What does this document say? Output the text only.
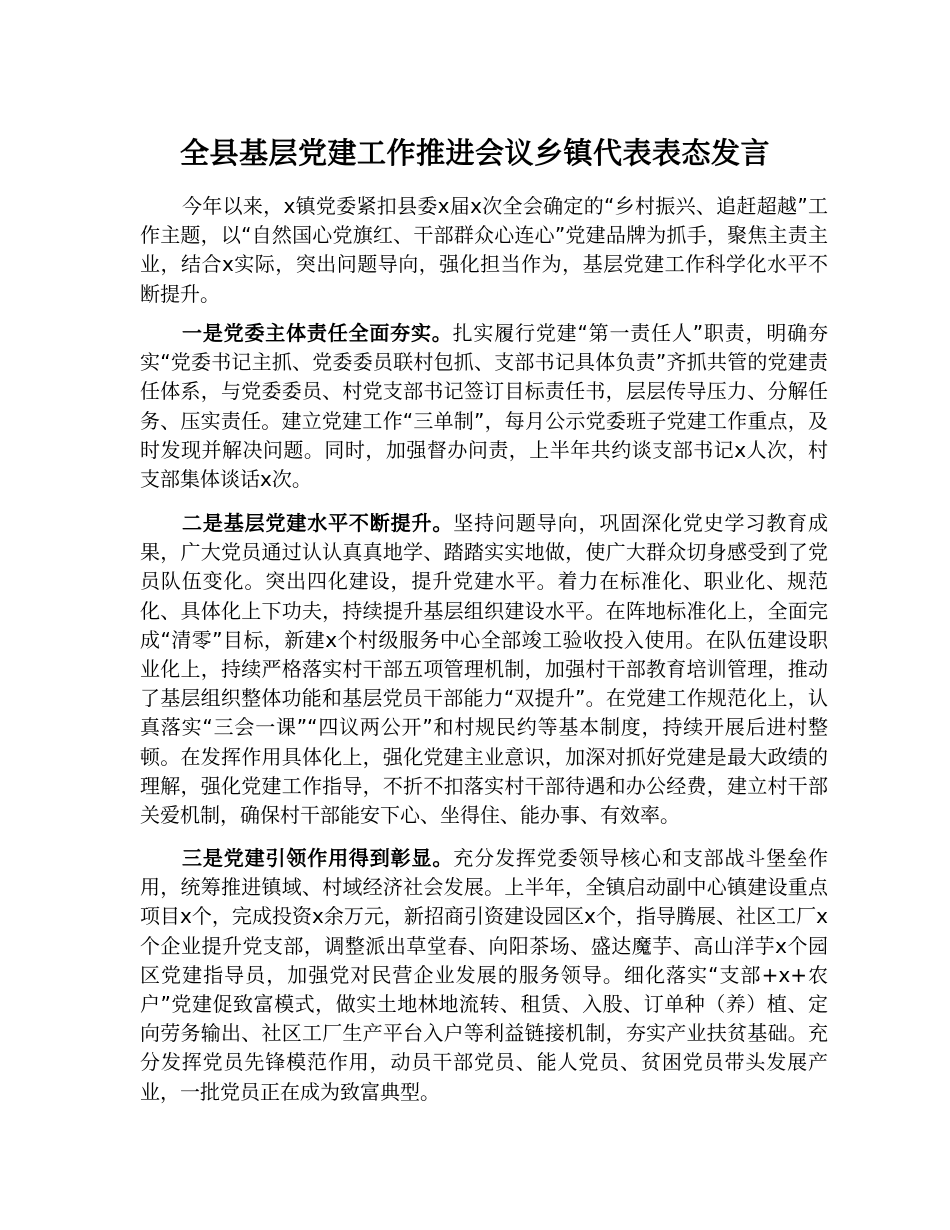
全县基层党建工作推进会议乡镇代表表态发言

今年以来，x镇党委紧扣县委x届x次全会确定的“乡村振兴、追赶超越”工作主题，以“自然国心党旗红、干部群众心连心”党建品牌为抓手，聚焦主责主业，结合x实际，突出问题导向，强化担当作为，基层党建工作科学化水平不断提升。

一是党委主体责任全面夯实。扎实履行党建“第一责任人”职责，明确夯实“党委书记主抓、党委委员联村包抓、支部书记具体负责”齐抓共管的党建责任体系，与党委委员、村党支部书记签订目标责任书，层层传导压力、分解任务、压实责任。建立党建工作“三单制”，每月公示党委班子党建工作重点，及时发现并解决问题。同时，加强督办问责，上半年共约谈支部书记x人次，村支部集体谈话x次。

二是基层党建水平不断提升。坚持问题导向，巩固深化党史学习教育成果，广大党员通过认认真真地学、踏踏实实地做，使广大群众切身感受到了党员队伍变化。突出四化建设，提升党建水平。着力在标准化、职业化、规范化、具体化上下功夫，持续提升基层组织建设水平。在阵地标准化上，全面完成“清零”目标，新建x个村级服务中心全部竣工验收投入使用。在队伍建设职业化上，持续严格落实村干部五项管理机制，加强村干部教育培训管理，推动了基层组织整体功能和基层党员干部能力“双提升”。在党建工作规范化上，认真落实“三会一课”“四议两公开”和村规民约等基本制度，持续开展后进村整顿。在发挥作用具体化上，强化党建主业意识，加深对抓好党建是最大政绩的理解，强化党建工作指导，不折不扣落实村干部待遇和办公经费，建立村干部关爱机制，确保村干部能安下心、坐得住、能办事、有效率。

三是党建引领作用得到彰显。充分发挥党委领导核心和支部战斗堡垒作用，统筹推进镇域、村域经济社会发展。上半年，全镇启动副中心镇建设重点项目x个，完成投资x余万元，新招商引资建设园区x个，指导腾展、社区工厂x个企业提升党支部，调整派出草堂春、向阳茶场、盛达魔芋、高山洋芋x个园区党建指导员，加强党对民营企业发展的服务领导。细化落实“支部+x+农户”党建促致富模式，做实土地林地流转、租赁、入股、订单种（养）植、定向劳务输出、社区工厂生产平台入户等利益链接机制，夯实产业扶贫基础。充分发挥党员先锋模范作用，动员干部党员、能人党员、贫困党员带头发展产业，一批党员正在成为致富典型。
